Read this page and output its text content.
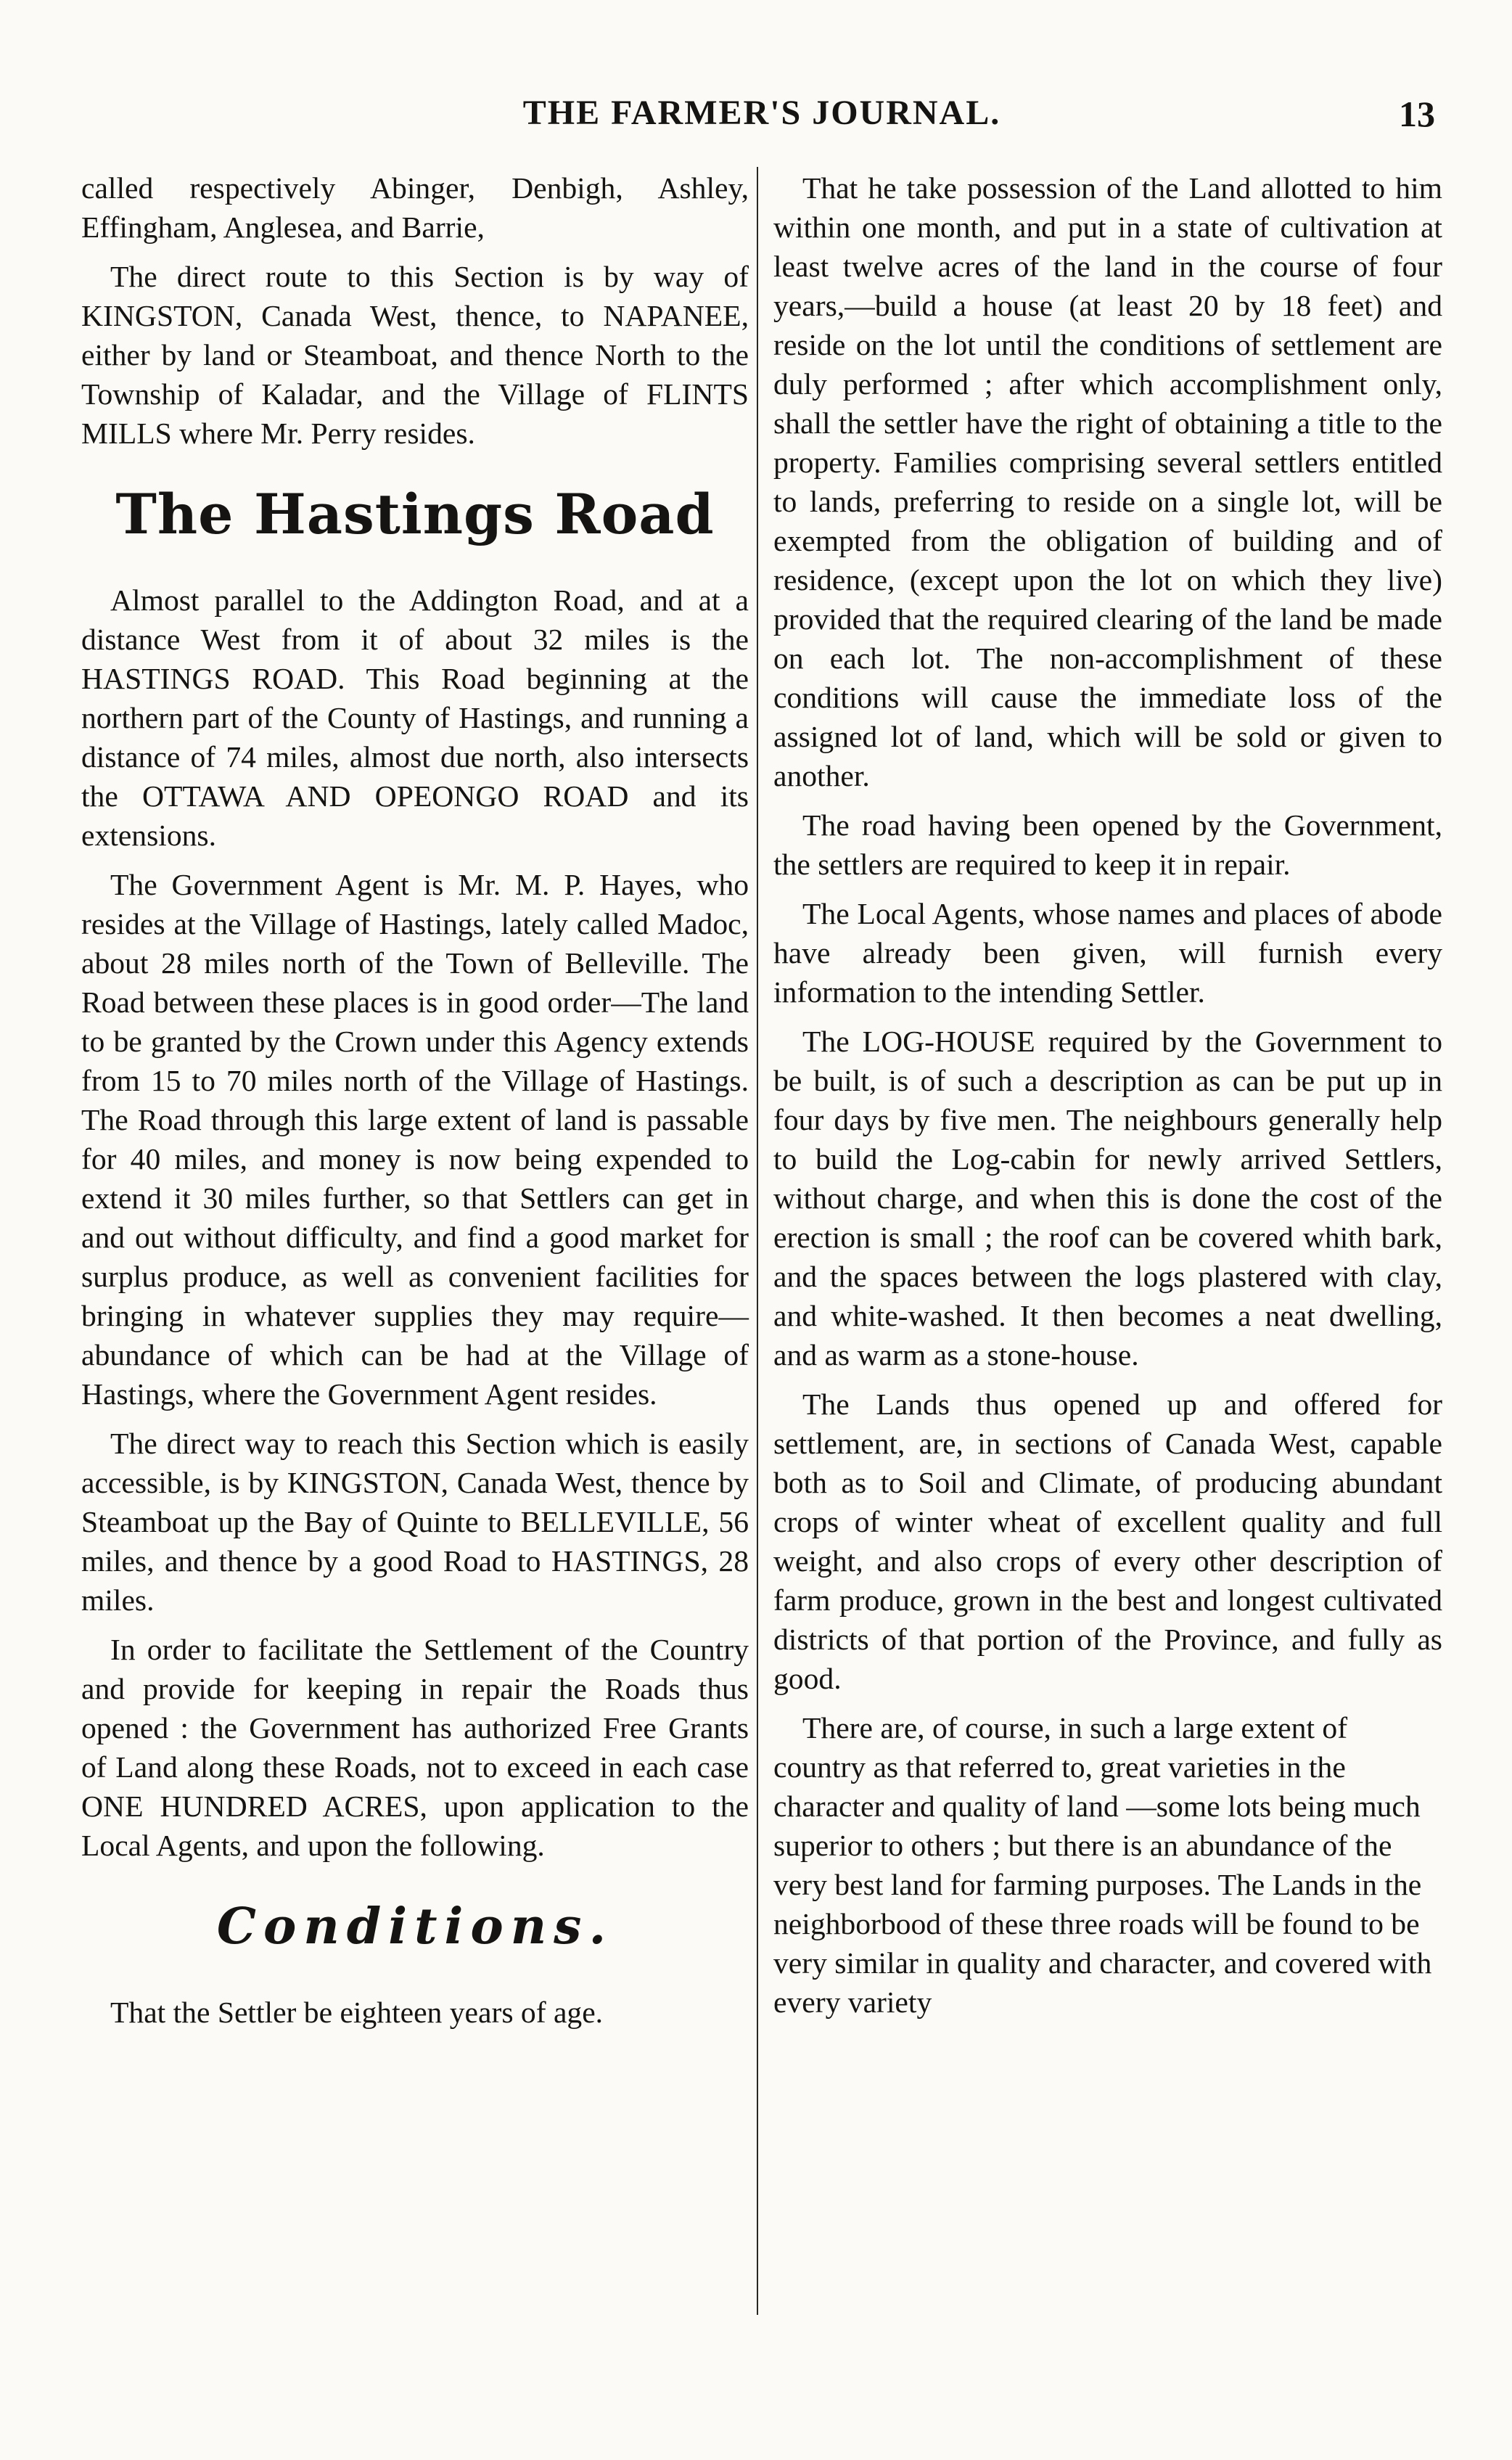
THE FARMER'S JOURNAL.	13

called respectively Abinger, Denbigh, Ashley, Effingham, Anglesea, and Barrie,

The direct route to this Section is by way of KINGSTON, Canada West, thence, to NAPANEE, either by land or Steamboat, and thence North to the Township of Kaladar, and the Village of FLINTS MILLS where Mr. Perry resides.

The Hastings Road

Almost parallel to the Addington Road, and at a distance West from it of about 32 miles is the HASTINGS ROAD. This Road beginning at the northern part of the County of Hastings, and running a distance of 74 miles, almost due north, also intersects the OTTAWA AND OPEONGO ROAD and its extensions.

The Government Agent is Mr. M. P. Hayes, who resides at the Village of Hastings, lately called Madoc, about 28 miles north of the Town of Belleville. The Road between these places is in good order—The land to be granted by the Crown under this Agency extends from 15 to 70 miles north of the Village of Hastings. The Road through this large extent of land is passable for 40 miles, and money is now being expended to extend it 30 miles further, so that Settlers can get in and out without difficulty, and find a good market for surplus produce, as well as convenient facilities for bringing in whatever supplies they may require—abundance of which can be had at the Village of Hastings, where the Government Agent resides.

The direct way to reach this Section which is easily accessible, is by KINGSTON, Canada West, thence by Steamboat up the Bay of Quinte to BELLEVILLE, 56 miles, and thence by a good Road to HASTINGS, 28 miles.

In order to facilitate the Settlement of the Country and provide for keeping in repair the Roads thus opened : the Government has authorized Free Grants of Land along these Roads, not to exceed in each case ONE HUNDRED ACRES, upon application to the Local Agents, and upon the following.

Conditions.

That the Settler be eighteen years of age.

That he take possession of the Land allotted to him within one month, and put in a state of cultivation at least twelve acres of the land in the course of four years,—build a house (at least 20 by 18 feet) and reside on the lot until the conditions of settlement are duly performed ; after which accomplishment only, shall the settler have the right of obtaining a title to the property. Families comprising several settlers entitled to lands, preferring to reside on a single lot, will be exempted from the obligation of building and of residence, (except upon the lot on which they live) provided that the required clearing of the land be made on each lot. The non-accomplishment of these conditions will cause the immediate loss of the assigned lot of land, which will be sold or given to another.

The road having been opened by the Government, the settlers are required to keep it in repair.

The Local Agents, whose names and places of abode have already been given, will furnish every information to the intending Settler.

The LOG-HOUSE required by the Government to be built, is of such a description as can be put up in four days by five men. The neighbours generally help to build the Log-cabin for newly arrived Settlers, without charge, and when this is done the cost of the erection is small ; the roof can be covered whith bark, and the spaces between the logs plastered with clay, and white-washed. It then becomes a neat dwelling, and as warm as a stone-house.

The Lands thus opened up and offered for settlement, are, in sections of Canada West, capable both as to Soil and Climate, of producing abundant crops of winter wheat of excellent quality and full weight, and also crops of every other description of farm produce, grown in the best and longest cultivated districts of that portion of the Province, and fully as good.

There are, of course, in such a large extent of country as that referred to, great varieties in the character and quality of land —some lots being much superior to others ; but there is an abundance of the very best land for farming purposes. The Lands in the neighborbood of these three roads will be found to be very similar in quality and character, and covered with every variety
